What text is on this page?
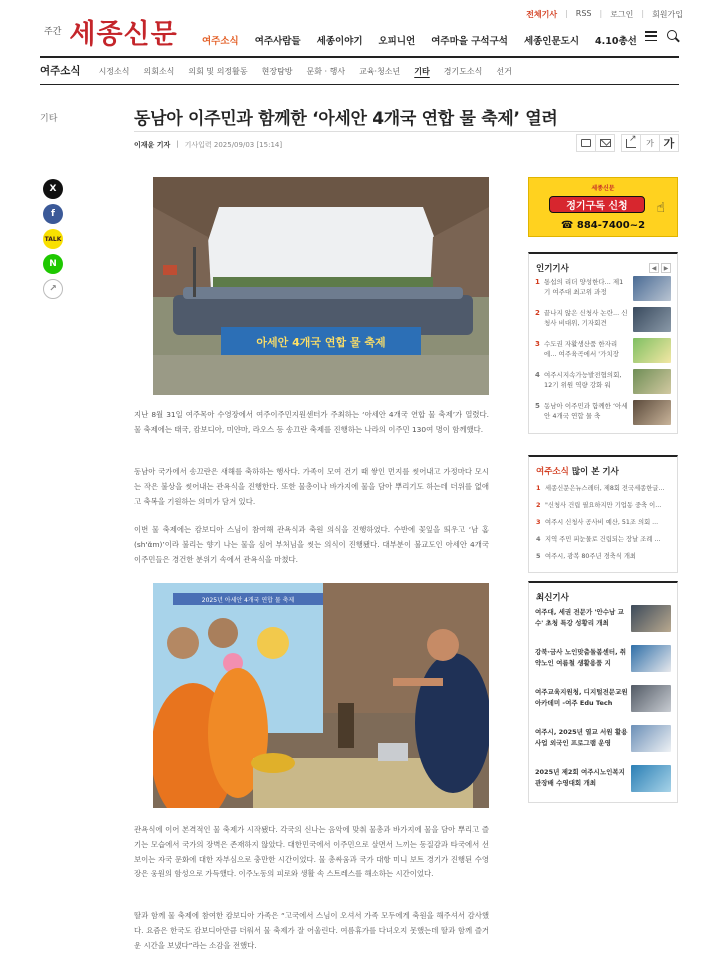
전체기사 | RSS | 로그인 | 회원가입
주간 세종신문	여주소식 여주사람들 세종이야기 오피니언 여주마을 구석구석 세종인문도시 4.10총선
여주소식 시정소식 의회소식 의회 및 의정활동 현장탐방 문화 · 행사 교육·청소년 기타 경기도소식 선거
기타	동남아 이주민과 함께한 ‘아세안 4개국 연합 물 축제’ 열려
이재윤 기자 | 기사입력 2025/09/03 [15:14]
↗	가 가
X
f
TALK
N
↗
아세안 4개국 연합 물 축제

지난 8월 31일 여주목아 수영장에서 여주이주민지원센터가 주최하는 ‘아세안 4개국 연합 물 축제’가 열렸다. 물 축제에는 태국, 캄보디아, 미얀마, 라오스 등 송끄란 축제를 진행하는 나라의 이주민 130여 명이 함께했다.

동남아 국가에서 송끄란은 새해를 축하하는 행사다. 가족이 모여 건기 때 쌓인 먼지를 씻어내고 가정마다 모시는 작은 불상을 씻어내는 관욕식을 진행한다. 또한 물총이나 바가지에 물을 담아 뿌리기도 하는데 더위를 없애고 축복을 기원하는 의미가 담겨 있다.

이번 물 축제에는 캄보디아 스님이 참여해 관욕식과 축원 의식을 진행하였다. 수반에 꽃잎을 띄우고 ‘남 홈(sh'ᾰm)’이라 불리는 향기 나는 물을 심어 부처님을 씻는 의식이 진행됐다. 대부분이 불교도인 아세안 4개국 이주민들은 경건한 분위기 속에서 관욕식을 마쳤다.

2025년 아세안 4개국 연합 물 축제

관욕식에 이어 본격적인 물 축제가 시작됐다. 각국의 신나는 음악에 맞춰 물총과 바가지에 물을 담아 뿌리고 즐기는 모습에서 국가의 장벽은 존재하지 않았다. 대한민국에서 이주민으로 살면서 느끼는 동질감과 타국에서 선보이는 자국 문화에 대한 자부심으로 충만한 시간이었다. 물 총싸움과 국가 대항 미니 보트 경기가 진행된 수영장은 웅원의 함성으로 가득했다. 이주노동의 피로와 생활 속 스트레스를 해소하는 시간이었다.

딸과 함께 물 축제에 참여한 캄보디아 가족은 “고국에서 스님이 오셔서 가족 모두에게 축원을 해주셔서 감사했다. 요즘은 한국도 캄보디아만큼 더워서 물 축제가 잘 어울린다. 여름휴가를 다녀오지 못했는데 딸과 함께 즐거운 시간을 보냈다”라는 소감을 전했다.

세종신문
정기구독 신청	☝
☎ 884-7400~2
인기기사	◀	▶
1 통섭의 리더 양성한다... 제1기 여주대 최고위 과정
2 끝나지 않은 신청사 논란... 신청사 비대위, 기자회견
3 수도권 자활생산품 한자리에... 여주육곡에서 '가치장
4 여주시지속가능발전협의회, 12기 위원 역량 강화 워
5 동남아 이주민과 함께한 ‘아세안 4개국 연합 물 축
여주소식 많이 본 기사
1 세종신문은뉴스레터, 제8회 전국세종한글...
2 "신청사 건립 필요하지만 기업동 중축 이...
3 여주시 신청사 공사비 예산, 51조 의회 ...
4 지역 주민 피눈물로 건립되는 장날 조례 ...
5 여주시, 광복 80주년 경축식 개최
최신기사
여주대, 세권 전문가 '안수남 교수' 초청 특강 성황리 개최
강북·금사 노인맞춤돌봄센터, 취약노인 여름철 생활용품 지
여주교육지원청, 디지털전문교원아카데미 -여주 Edu Tech
여주시, 2025년 열교 서원 활용사업 외국인 프로그램 운영
2025년 제2회 여주시노인복지관장배 수영대회 개최
